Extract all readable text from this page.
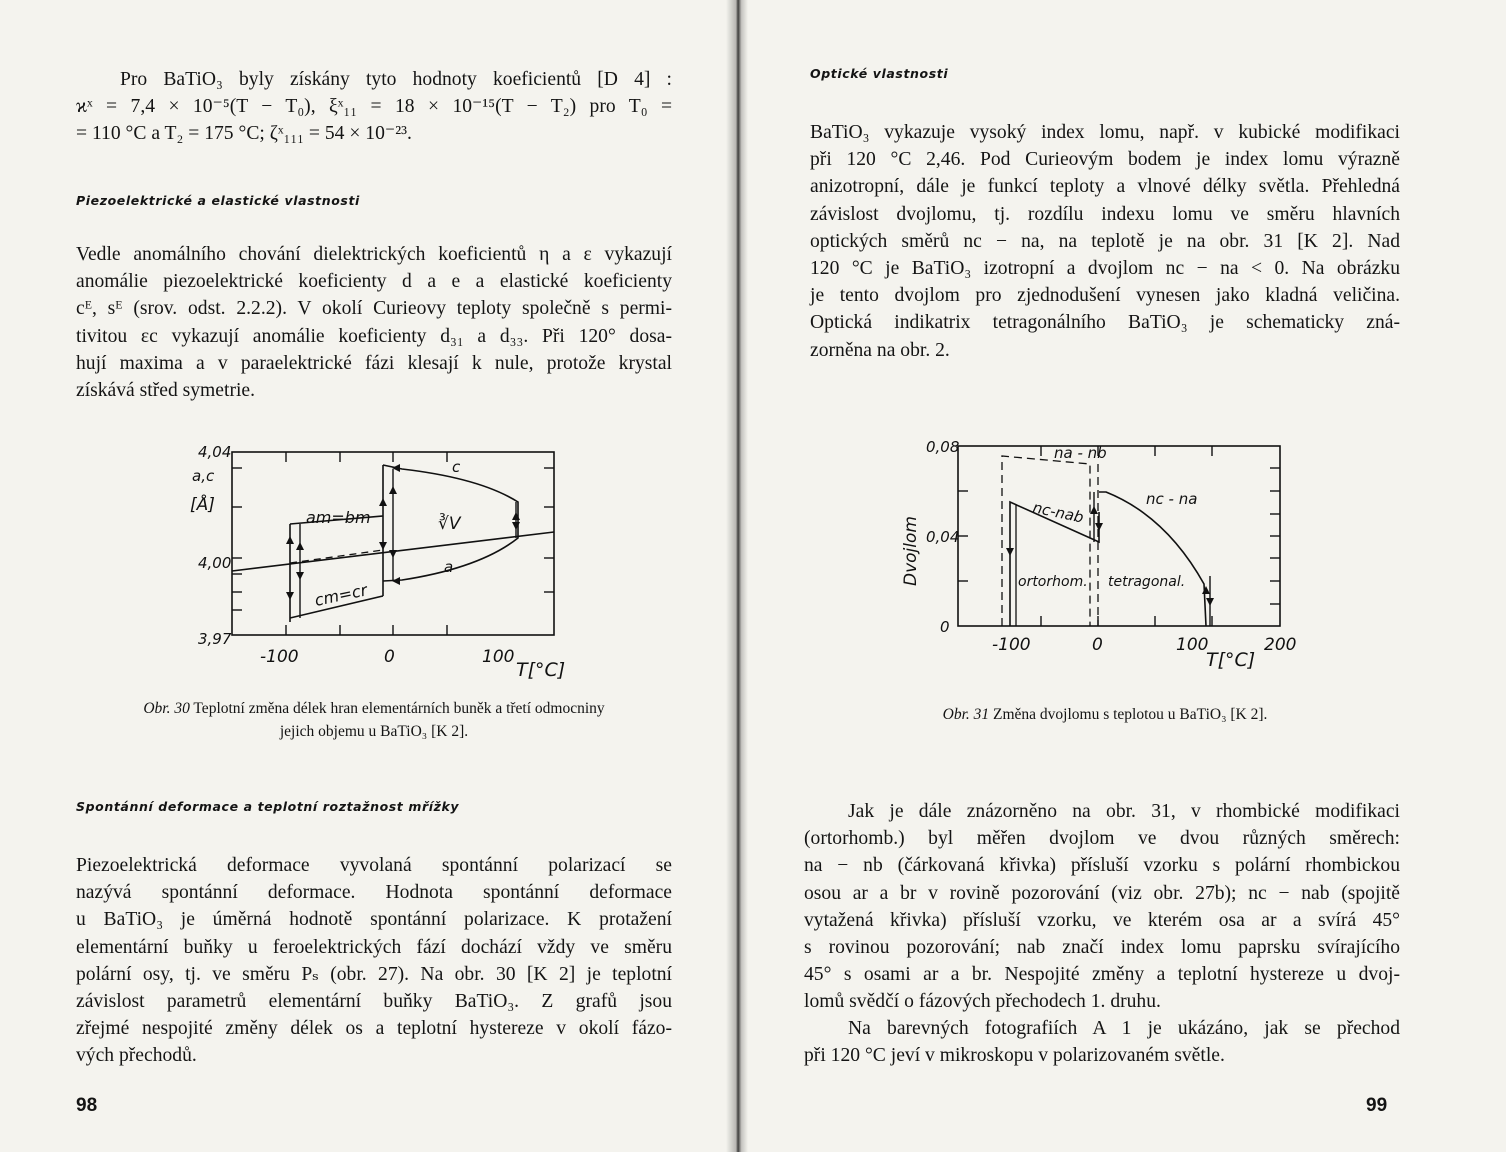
Pro BaTiO₃ byly získány tyto hodnoty koeficientů [D 4] :
ϰˣ = 7,4 × 10⁻⁵(T − T₀), ξˣ₁₁ = 18 × 10⁻¹⁵(T − T₂) pro T₀ =
= 110 °C a T₂ = 175 °C; ζˣ₁₁₁ = 54 × 10⁻²³.
Piezoelektrické a elastické vlastnosti
Vedle anomálního chování dielektrických koeficientů η a ε vykazují
anomálie piezoelektrické koeficienty d a e a elastické koeficienty
cᴱ, sᴱ (srov. odst. 2.2.2). V okolí Curieovy teploty společně s permi-
tivitou εc vykazují anomálie koeficienty d₃₁ a d₃₃. Při 120° dosa-
hují maxima a v paraelektrické fázi klesají k nule, protože krystal
získává střed symetrie.
4,04
4,00
3,97
a,c
[Å]
-100	0	100
T[°C]
c
am=bm	∛V
a
cm=cr
Obr. 30 Teplotní změna délek hran elementárních buněk a třetí odmocniny
jejich objemu u BaTiO₃ [K 2].
Spontánní deformace a teplotní roztažnost mřížky
Piezoelektrická deformace vyvolaná spontánní polarizací se
nazývá spontánní deformace. Hodnota spontánní deformace
u BaTiO₃ je úměrná hodnotě spontánní polarizace. K protažení
elementární buňky u feroelektrických fází dochází vždy ve směru
polární osy, tj. ve směru Pₛ (obr. 27). Na obr. 30 [K 2] je teplotní
závislost parametrů elementární buňky BaTiO₃. Z grafů jsou
zřejmé nespojité změny délek os a teplotní hystereze v okolí fázo-
vých přechodů.
98
Optické vlastnosti
BaTiO₃ vykazuje vysoký index lomu, např. v kubické modifikaci
při 120 °C 2,46. Pod Curieovým bodem je index lomu výrazně
anizotropní, dále je funkcí teploty a vlnové délky světla. Přehledná
závislost dvojlomu, tj. rozdílu indexu lomu ve směru hlavních
optických směrů nc − na, na teplotě je na obr. 31 [K 2]. Nad
120 °C je BaTiO₃ izotropní a dvojlom nc − na < 0. Na obrázku
je tento dvojlom pro zjednodušení vynesen jako kladná veličina.
Optická indikatrix tetragonálního BaTiO₃ je schematicky zná-
zorněna na obr. 2.
0,08
0,04
0
Dvojlom
-100	0	100	200
T[°C]
na - nb
nc-nab	nc - na
ortorhom. tetragonal.
Obr. 31 Změna dvojlomu s teplotou u BaTiO₃ [K 2].
Jak je dále znázorněno na obr. 31, v rhombické modifikaci
(ortorhomb.) byl měřen dvojlom ve dvou různých směrech:
na − nb (čárkovaná křivka) přísluší vzorku s polární rhombickou
osou ar a br v rovině pozorování (viz obr. 27b); nc − nab (spojitě
vytažená křivka) přísluší vzorku, ve kterém osa ar a svírá 45°
s rovinou pozorování; nab značí index lomu paprsku svírajícího
45° s osami ar a br. Nespojité změny a teplotní hystereze u dvoj-
lomů svědčí o fázových přechodech 1. druhu.
Na barevných fotografiích A 1 je ukázáno, jak se přechod
při 120 °C jeví v mikroskopu v polarizovaném světle.
99
